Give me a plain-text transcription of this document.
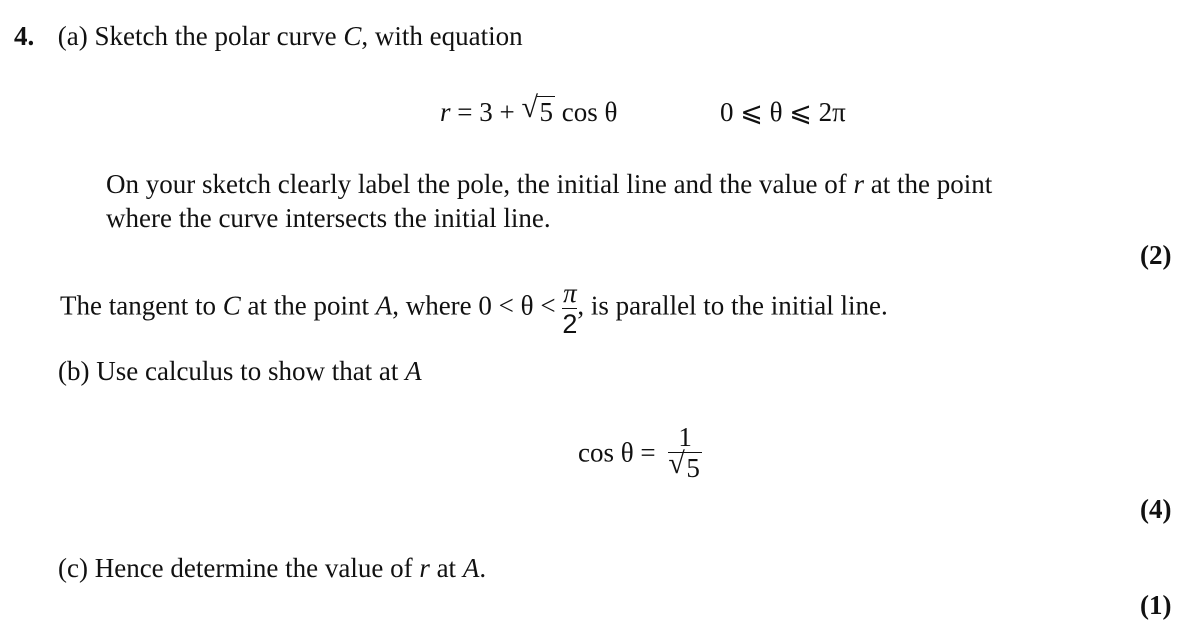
4. (a) Sketch the polar curve C, with equation
r = 3 + √ 5 cos θ	0 ⩽ θ ⩽ 2π
On your sketch clearly label the pole, the initial line and the value of r at the point
where the curve intersects the initial line.
(2)
The tangent to C at the point A, where $0 < \theta < \frac{\pi}{2}$ , is parallel to the initial line.
(b) Use calculus to show that at A
$\cos \theta = \frac{1}{√ 5}$
(4)
(c) Hence determine the value of r at A.
(1)
